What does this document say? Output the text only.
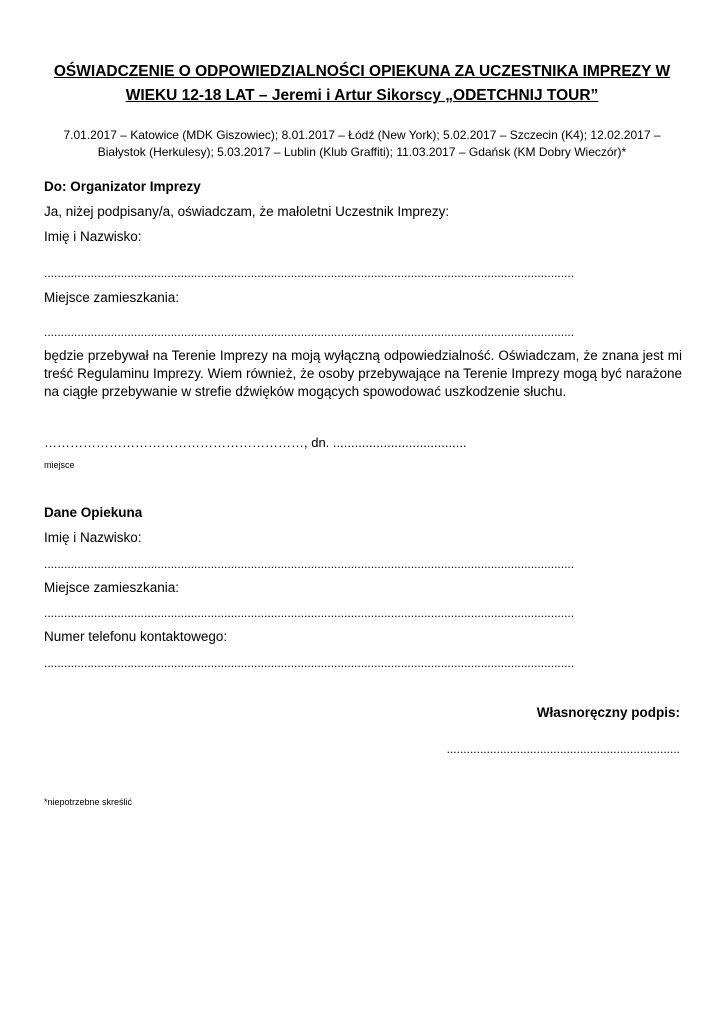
OŚWIADCZENIE O ODPOWIEDZIALNOŚCI OPIEKUNA ZA UCZESTNIKA IMPREZY W WIEKU 12-18 LAT – Jeremi i Artur Sikorscy „ODETCHNIJ TOUR”

7.01.2017 – Katowice (MDK Giszowiec); 8.01.2017 – Łódź (New York); 5.02.2017 – Szczecin (K4); 12.02.2017 – Białystok (Herkulesy); 5.03.2017 – Lublin (Klub Graffiti); 11.03.2017 – Gdańsk (KM Dobry Wieczór)*

Do: Organizator Imprezy
Ja, niżej podpisany/a, oświadczam, że małoletni Uczestnik Imprezy:
Imię i Nazwisko:
...............................................................................................................................................................
Miejsce zamieszkania:
...............................................................................................................................................................

będzie przebywał na Terenie Imprezy na moją wyłączną odpowiedzialność. Oświadczam, że znana jest mi treść Regulaminu Imprezy. Wiem również, że osoby przebywające na Terenie Imprezy mogą być narażone na ciągłe przebywanie w strefie dźwięków mogących spowodować uszkodzenie słuchu.

……………………………………………………, dn. .....................................
miejsce
Dane Opiekuna
Imię i Nazwisko:
...............................................................................................................................................................
Miejsce zamieszkania:
...............................................................................................................................................................
Numer telefonu kontaktowego:
...............................................................................................................................................................
Własnoręczny podpis:
......................................................................
*niepotrzebne skreślić
